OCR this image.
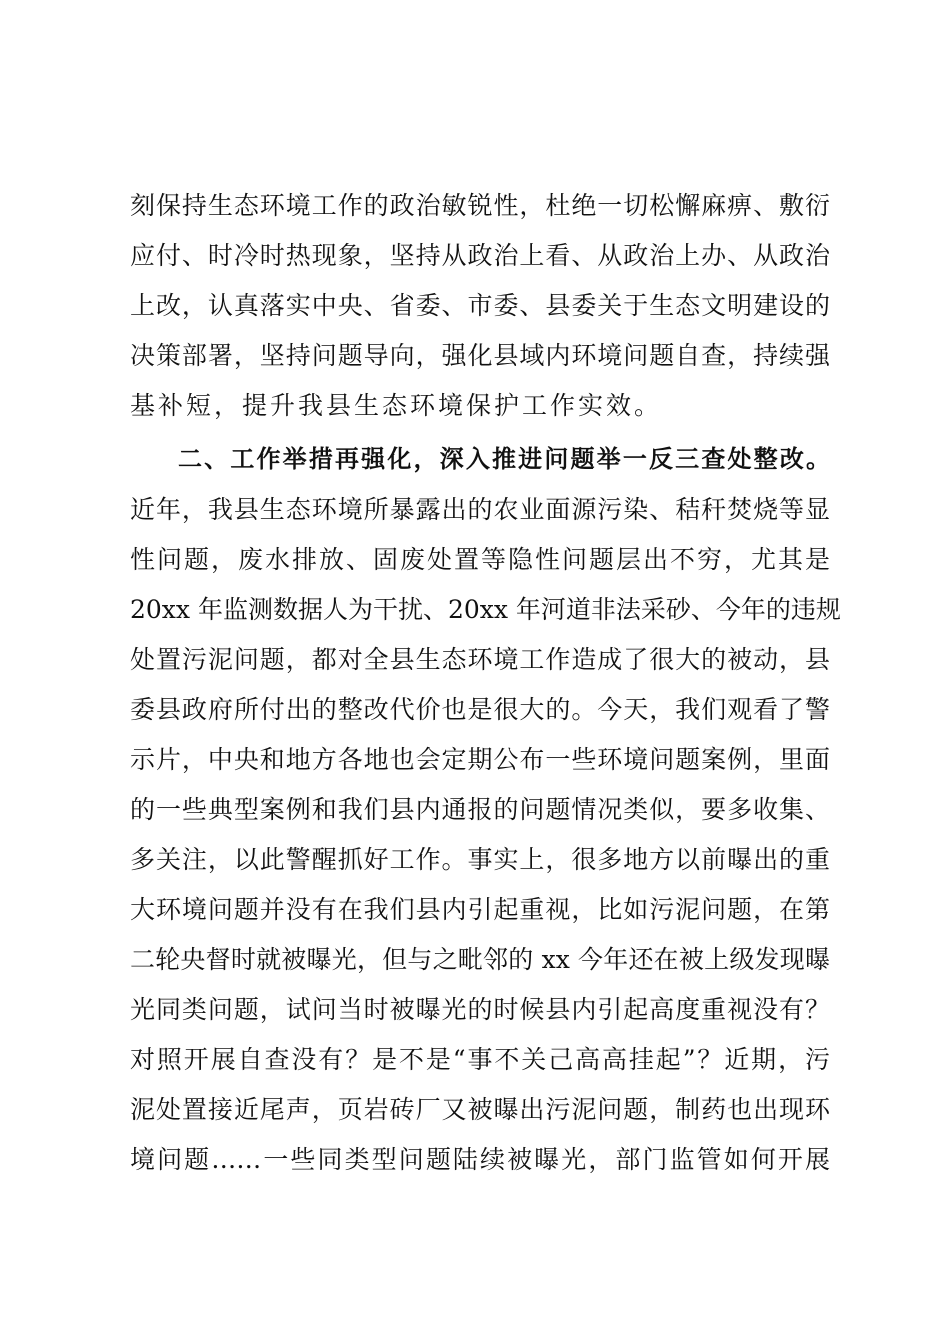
刻保持生态环境工作的政治敏锐性，杜绝一切松懈麻痹、敷衍
应付、时冷时热现象，坚持从政治上看、从政治上办、从政治
上改，认真落实中央、省委、市委、县委关于生态文明建设的
决策部署，坚持问题导向，强化县域内环境问题自查，持续强
基补短，提升我县生态环境保护工作实效。
二、工作举措再强化，深入推进问题举一反三查处整改。
近年，我县生态环境所暴露出的农业面源污染、秸秆焚烧等显
性问题，废水排放、固废处置等隐性问题层出不穷，尤其是
20xx 年监测数据人为干扰、20xx 年河道非法采砂、今年的违规
处置污泥问题，都对全县生态环境工作造成了很大的被动，县
委县政府所付出的整改代价也是很大的。今天，我们观看了警
示片，中央和地方各地也会定期公布一些环境问题案例，里面
的一些典型案例和我们县内通报的问题情况类似，要多收集、
多关注，以此警醒抓好工作。事实上，很多地方以前曝出的重
大环境问题并没有在我们县内引起重视，比如污泥问题，在第
二轮央督时就被曝光，但与之毗邻的 xx 今年还在被上级发现曝
光同类问题，试问当时被曝光的时候县内引起高度重视没有？
对照开展自查没有？是不是“事不关己高高挂起”？近期，污
泥处置接近尾声，页岩砖厂又被曝出污泥问题，制药也出现环
境问题……一些同类型问题陆续被曝光，部门监管如何开展
